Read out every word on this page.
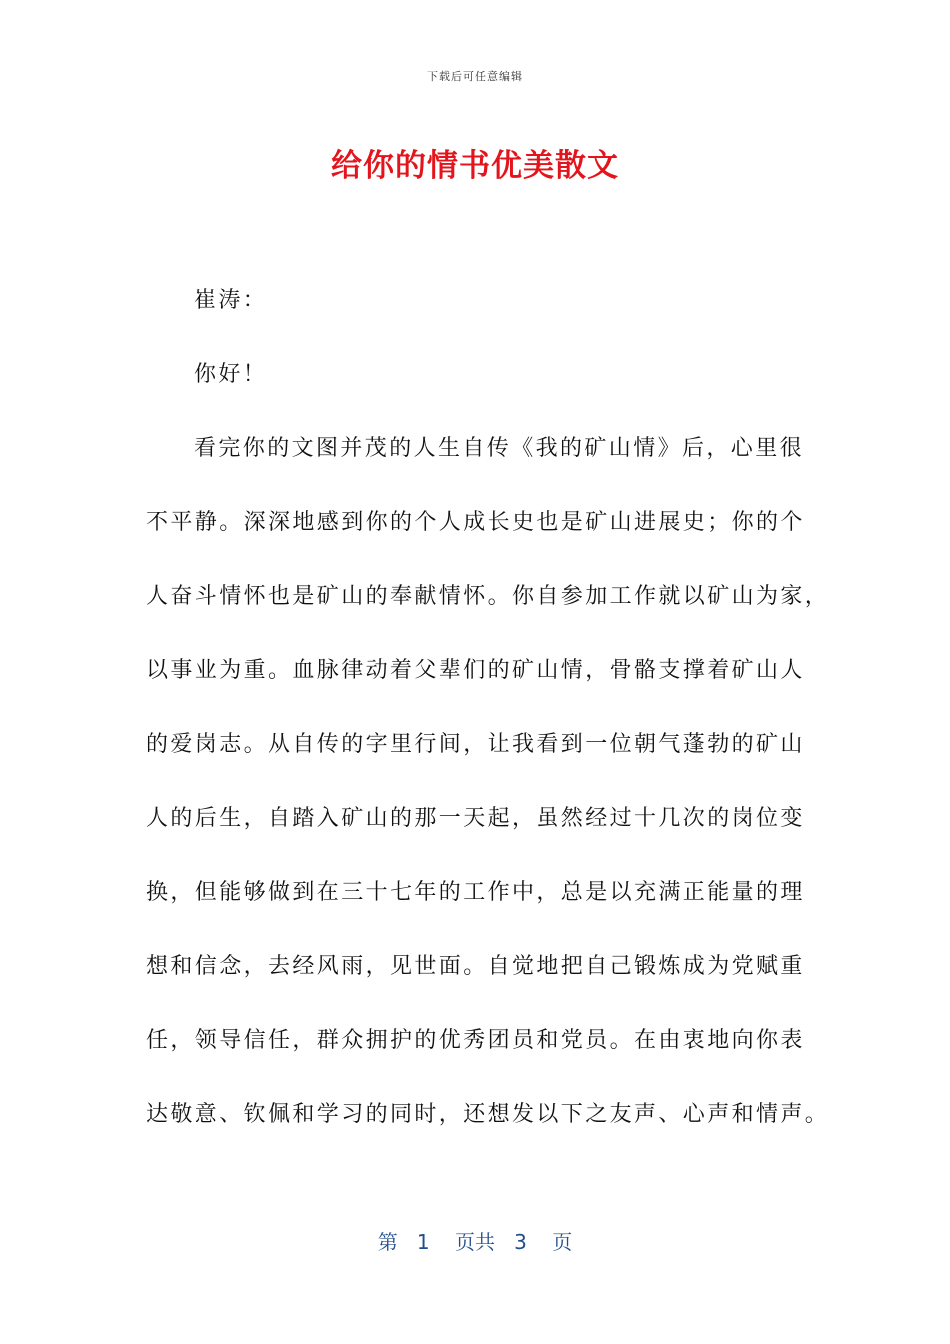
下载后可任意编辑
给你的情书优美散文
崔涛：
你好！
看完你的文图并茂的人生自传《我的矿山情》后，心里很
不平静。深深地感到你的个人成长史也是矿山进展史；你的个
人奋斗情怀也是矿山的奉献情怀。你自参加工作就以矿山为家，
以事业为重。血脉律动着父辈们的矿山情，骨骼支撑着矿山人
的爱岗志。从自传的字里行间，让我看到一位朝气蓬勃的矿山
人的后生，自踏入矿山的那一天起，虽然经过十几次的岗位变
换，但能够做到在三十七年的工作中，总是以充满正能量的理
想和信念，去经风雨，见世面。自觉地把自己锻炼成为党赋重
任，领导信任，群众拥护的优秀团员和党员。在由衷地向你表
达敬意、钦佩和学习的同时，还想发以下之友声、心声和情声。
第 1 页共 3 页
